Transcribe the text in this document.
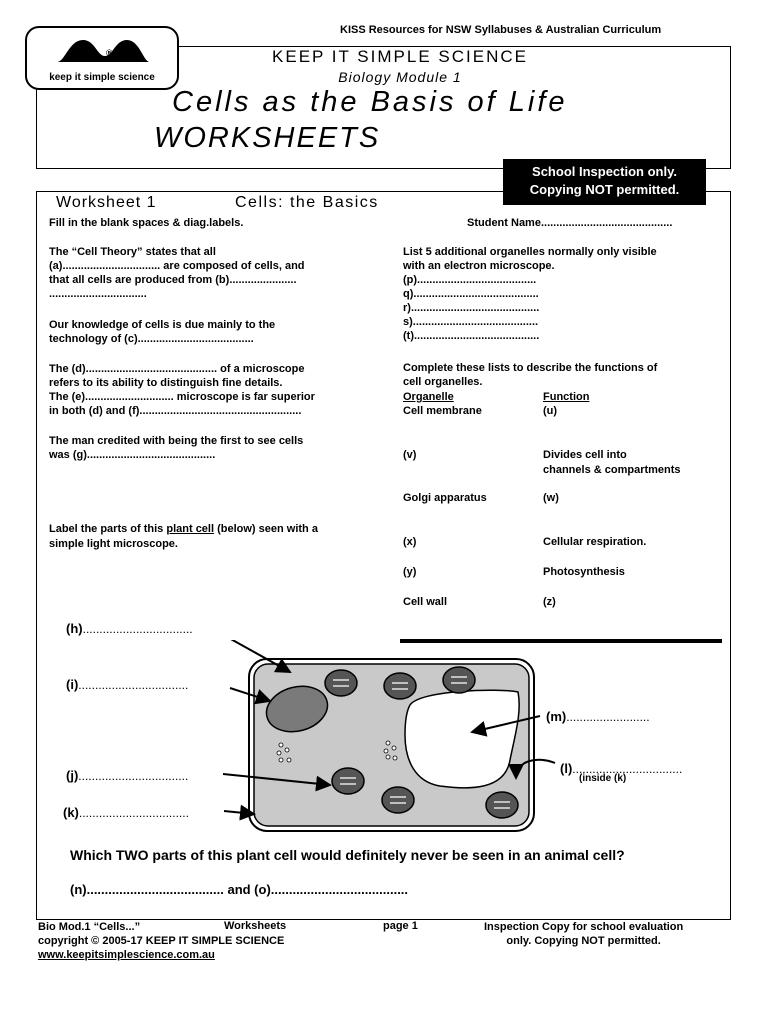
KISS Resources for NSW Syllabuses & Australian Curriculum
®
keep it simple science
KEEP IT SIMPLE SCIENCE
Biology Module 1
Cells as the Basis of Life
WORKSHEETS
School Inspection only.
Copying NOT permitted.
Worksheet 1	Cells: the Basics
Fill in the blank spaces & diag.labels.	Student Name...........................................
The “Cell Theory” states that all
(a)................................ are composed of cells, and
that all cells are produced from (b)......................
................................
Our knowledge of cells is due mainly to the
technology of (c)......................................
The (d)........................................... of a microscope
refers to its ability to distinguish fine details.
The (e)............................. microscope is far superior
in both (d) and (f).....................................................
The man credited with being the first to see cells
was (g)..........................................
Label the parts of this plant cell (below) seen with a
simple light microscope.
List 5 additional organelles normally only visible
with an electron microscope.
(p).......................................
q).........................................
r)..........................................
s).........................................
(t).........................................
Complete these lists to describe the functions of
cell organelles.
Organelle	Function
Cell membrane	(u)
(v)	Divides cell into
channels & compartments
Golgi apparatus	(w)
(x)	Cellular respiration.
(y)	Photosynthesis
Cell wall	(z)
(h).................................
(i).................................
(j).................................
(k).................................
(m).........................
(l).................................
(inside (k)
Which TWO parts of this plant cell would definitely never be seen in an animal cell?
(n)...................................... and (o)......................................
Bio Mod.1 “Cells...”
copyright © 2005-17 KEEP IT SIMPLE SCIENCE
www.keepitsimplescience.com.au
Worksheets	page 1	Inspection Copy for school evaluation
only. Copying NOT permitted.
